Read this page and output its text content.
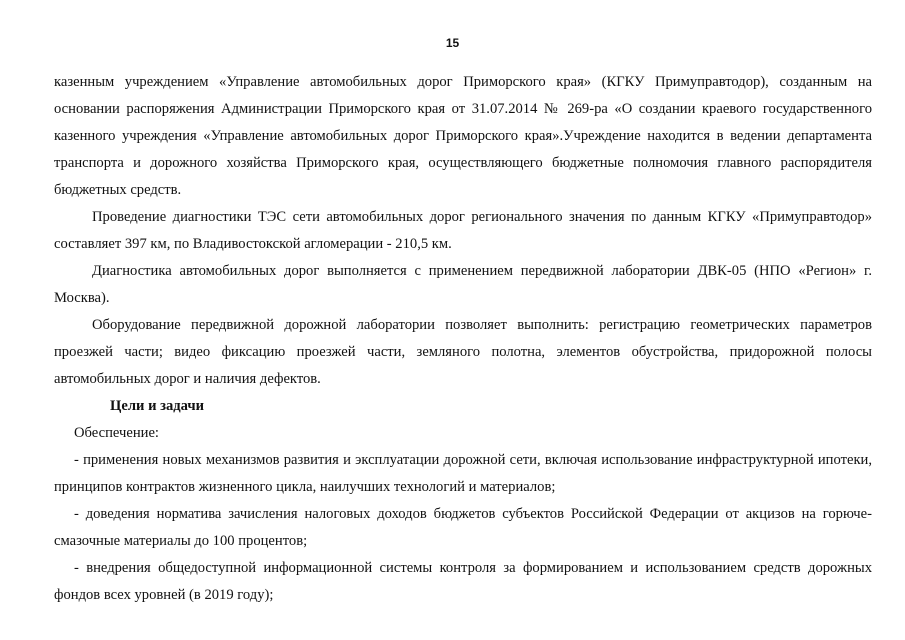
15

казенным учреждением «Управление автомобильных дорог Приморского края» (КГКУ Примуправтодор), созданным на основании распоряжения Администрации Приморского края от 31.07.2014 № 269-ра «О создании краевого государственного казенного учреждения «Управление автомобильных дорог Приморского края».Учреждение находится в ведении департамента транспорта и дорожного хозяйства Приморского края, осуществляющего бюджетные полномочия главного распорядителя бюджетных средств.

Проведение диагностики ТЭС сети автомобильных дорог регионального значения по данным КГКУ «Примуправтодор» составляет 397 км, по Владивостокской агломерации - 210,5 км.

Диагностика автомобильных дорог выполняется с применением передвижной лаборатории ДВК-05 (НПО «Регион» г. Москва).

Оборудование передвижной дорожной лаборатории позволяет выполнить: регистрацию геометрических параметров проезжей части; видео фиксацию проезжей части, земляного полотна, элементов обустройства, придорожной полосы автомобильных дорог и наличия дефектов.

Цели и задачи

Обеспечение:

- применения новых механизмов развития и эксплуатации дорожной сети, включая использование инфраструктурной ипотеки, принципов контрактов жизненного цикла, наилучших технологий и материалов;

- доведения норматива зачисления налоговых доходов бюджетов субъектов Российской Федерации от акцизов на горюче-смазочные материалы до 100 процентов;

- внедрения общедоступной информационной системы контроля за формированием и использованием средств дорожных фондов всех уровней (в 2019 году);
